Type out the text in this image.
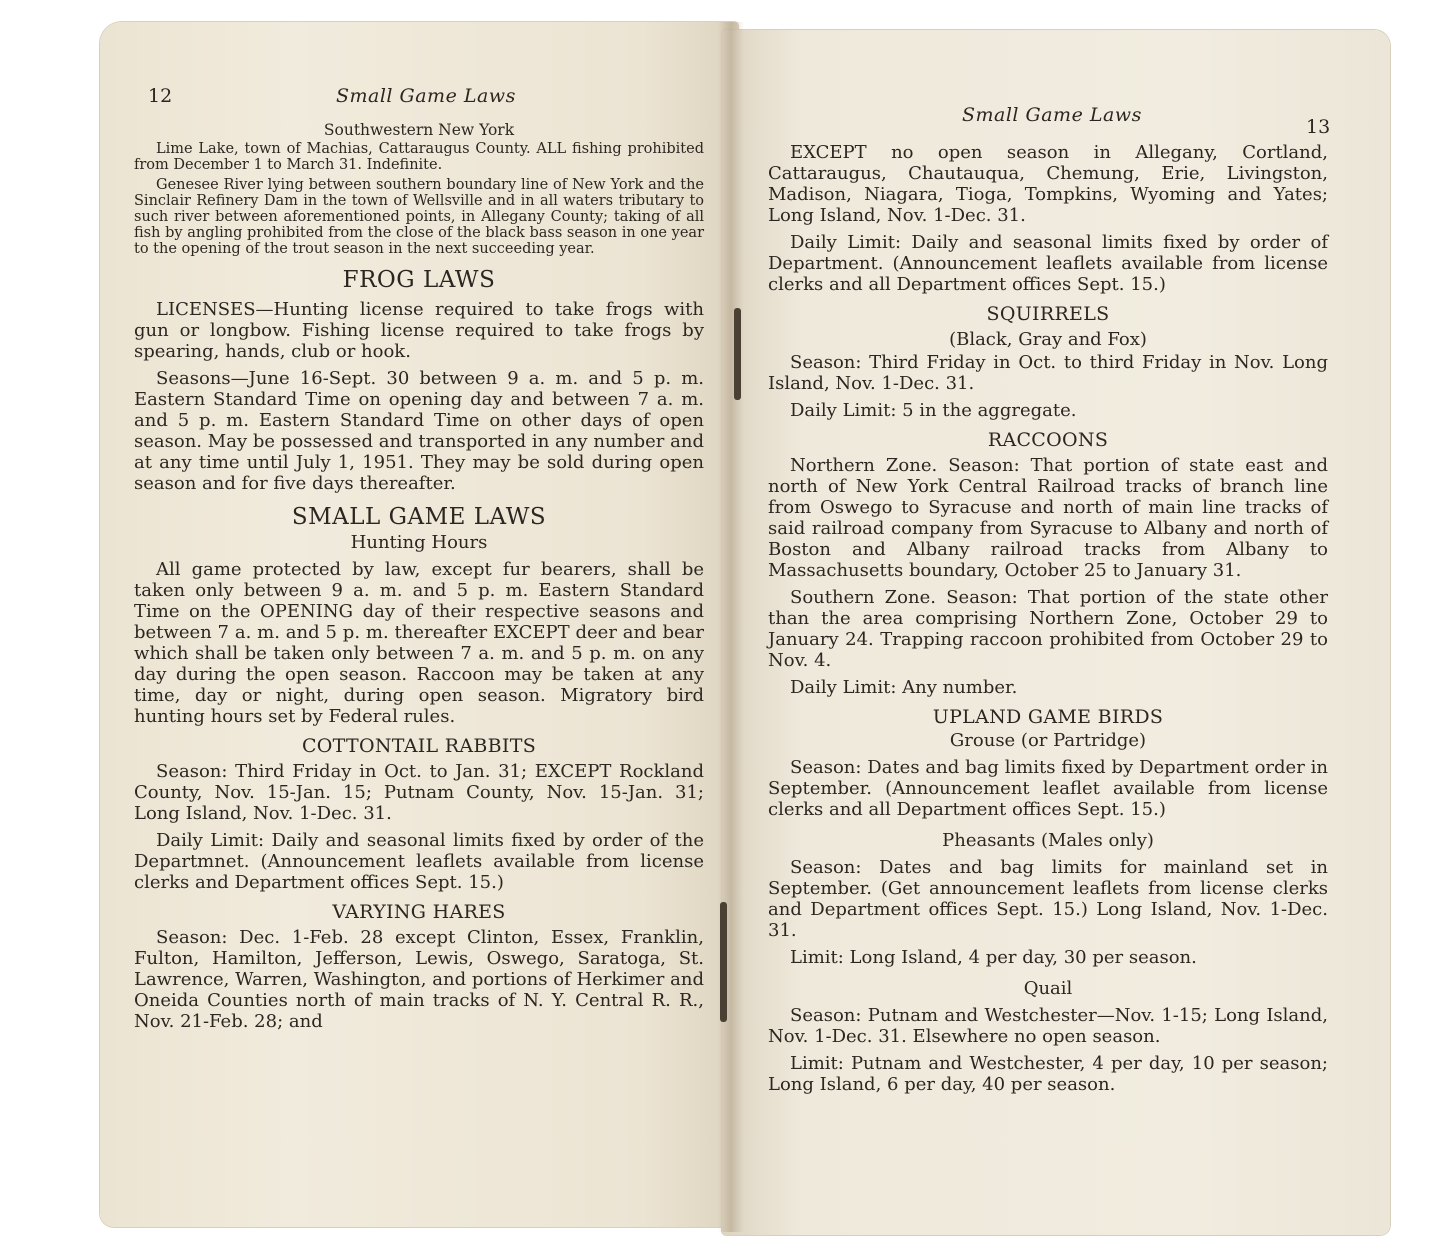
12	Small Game Laws

Southwestern New York

Lime Lake, town of Machias, Cattaraugus County. ALL fishing prohibited from December 1 to March 31. Indefinite.

Genesee River lying between southern boundary line of New York and the Sinclair Refinery Dam in the town of Wellsville and in all waters tributary to such river between aforementioned points, in Allegany County; taking of all fish by angling prohibited from the close of the black bass season in one year to the opening of the trout season in the next succeeding year.

FROG LAWS

LICENSES—Hunting license required to take frogs with gun or longbow. Fishing license required to take frogs by spearing, hands, club or hook.

Seasons—June 16-Sept. 30 between 9 a. m. and 5 p. m. Eastern Standard Time on opening day and between 7 a. m. and 5 p. m. Eastern Standard Time on other days of open season. May be possessed and transported in any number and at any time until July 1, 1951. They may be sold during open season and for five days thereafter.

SMALL GAME LAWS
Hunting Hours

All game protected by law, except fur bearers, shall be taken only between 9 a. m. and 5 p. m. Eastern Standard Time on the OPENING day of their respective seasons and between 7 a. m. and 5 p. m. thereafter EXCEPT deer and bear which shall be taken only between 7 a. m. and 5 p. m. on any day during the open season. Raccoon may be taken at any time, day or night, during open season. Migratory bird hunting hours set by Federal rules.

COTTONTAIL RABBITS

Season: Third Friday in Oct. to Jan. 31; EXCEPT Rockland County, Nov. 15-Jan. 15; Putnam County, Nov. 15-Jan. 31; Long Island, Nov. 1-Dec. 31.

Daily Limit: Daily and seasonal limits fixed by order of the Departmnet. (Announcement leaflets available from license clerks and Department offices Sept. 15.)

VARYING HARES

Season: Dec. 1-Feb. 28 except Clinton, Essex, Franklin, Fulton, Hamilton, Jefferson, Lewis, Oswego, Saratoga, St. Lawrence, Warren, Washington, and portions of Herkimer and Oneida Counties north of main tracks of N. Y. Central R. R., Nov. 21-Feb. 28; and

Small Game Laws
13

EXCEPT no open season in Allegany, Cortland, Cattaraugus, Chautauqua, Chemung, Erie, Livingston, Madison, Niagara, Tioga, Tompkins, Wyoming and Yates; Long Island, Nov. 1-Dec. 31.

Daily Limit: Daily and seasonal limits fixed by order of Department. (Announcement leaflets available from license clerks and all Department offices Sept. 15.)

SQUIRRELS
(Black, Gray and Fox)

Season: Third Friday in Oct. to third Friday in Nov. Long Island, Nov. 1-Dec. 31.

Daily Limit: 5 in the aggregate.

RACCOONS

Northern Zone. Season: That portion of state east and north of New York Central Railroad tracks of branch line from Oswego to Syracuse and north of main line tracks of said railroad company from Syracuse to Albany and north of Boston and Albany railroad tracks from Albany to Massachusetts boundary, October 25 to January 31.

Southern Zone. Season: That portion of the state other than the area comprising Northern Zone, October 29 to January 24. Trapping raccoon prohibited from October 29 to Nov. 4.

Daily Limit: Any number.

UPLAND GAME BIRDS
Grouse (or Partridge)

Season: Dates and bag limits fixed by Department order in September. (Announcement leaflet available from license clerks and all Department offices Sept. 15.)

Pheasants (Males only)

Season: Dates and bag limits for mainland set in September. (Get announcement leaflets from license clerks and Department offices Sept. 15.) Long Island, Nov. 1-Dec. 31.

Limit: Long Island, 4 per day, 30 per season.

Quail

Season: Putnam and Westchester—Nov. 1-15; Long Island, Nov. 1-Dec. 31. Elsewhere no open season.

Limit: Putnam and Westchester, 4 per day, 10 per season; Long Island, 6 per day, 40 per season.
